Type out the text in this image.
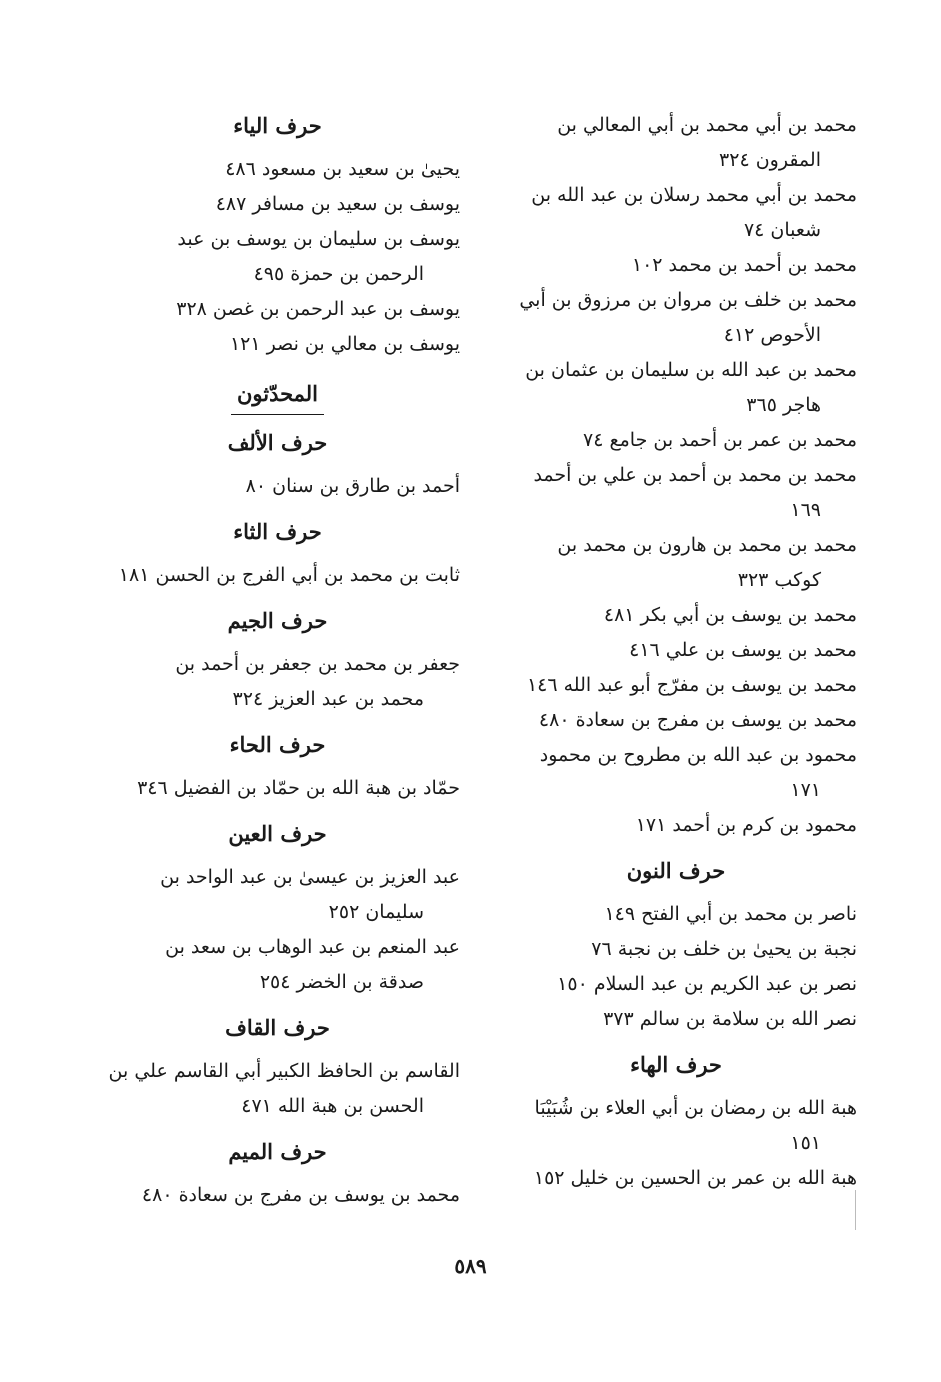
محمد بن أبي محمد بن أبي المعالي بن
المقرون ٣٢٤
محمد بن أبي محمد رسلان بن عبد الله بن
شعبان ٧٤
محمد بن أحمد بن محمد ١٠٢
محمد بن خلف بن مروان بن مرزوق بن أبي
الأحوص ٤١٢
محمد بن عبد الله بن سليمان بن عثمان بن
هاجر ٣٦٥
محمد بن عمر بن أحمد بن جامع ٧٤
محمد بن محمد بن أحمد بن علي بن أحمد
١٦٩
محمد بن محمد بن هارون بن محمد بن
كوكب ٣٢٣
محمد بن يوسف بن أبي بكر ٤٨١
محمد بن يوسف بن علي ٤١٦
محمد بن يوسف بن مفرّج أبو عبد الله ١٤٦
محمد بن يوسف بن مفرج بن سعادة ٤٨٠
محمود بن عبد الله بن مطروح بن محمود
١٧١
محمود بن كرم بن أحمد ١٧١
حرف النون
ناصر بن محمد بن أبي الفتح ١٤٩
نجبة بن يحيىٰ بن خلف بن نجبة ٧٦
نصر بن عبد الكريم بن عبد السلام ١٥٠
نصر الله بن سلامة بن سالم ٣٧٣
حرف الهاء
هبة الله بن رمضان بن أبي العلاء بن شُبَيْبَا
١٥١
هبة الله بن عمر بن الحسين بن خليل ١٥٢
حرف الياء
يحيىٰ بن سعيد بن مسعود ٤٨٦
يوسف بن سعيد بن مسافر ٤٨٧
يوسف بن سليمان بن يوسف بن عبد
الرحمن بن حمزة ٤٩٥
يوسف بن عبد الرحمن بن غصن ٣٢٨
يوسف بن معالي بن نصر ١٢١
المحدّثون
حرف الألف
أحمد بن طارق بن سنان ٨٠
حرف الثاء
ثابت بن محمد بن أبي الفرج بن الحسن ١٨١
حرف الجيم
جعفر بن محمد بن جعفر بن أحمد بن
محمد بن عبد العزيز ٣٢٤
حرف الحاء
حمّاد بن هبة الله بن حمّاد بن الفضيل ٣٤٦
حرف العين
عبد العزيز بن عيسىٰ بن عبد الواحد بن
سليمان ٢٥٢
عبد المنعم بن عبد الوهاب بن سعد بن
صدقة بن الخضر ٢٥٤
حرف القاف
القاسم بن الحافظ الكبير أبي القاسم علي بن
الحسن بن هبة الله ٤٧١
حرف الميم
محمد بن يوسف بن مفرج بن سعادة ٤٨٠
٥٨٩
